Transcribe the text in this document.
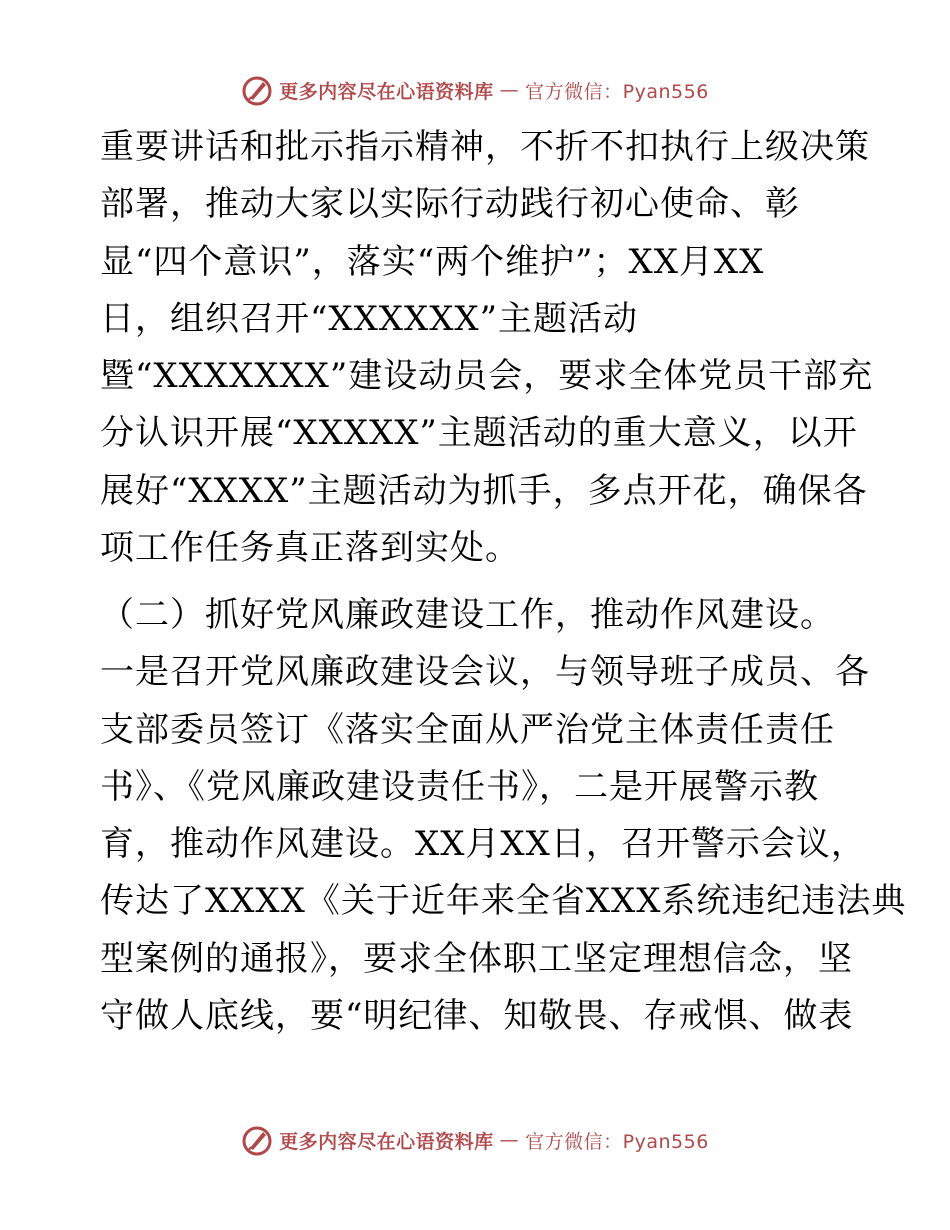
更多内容尽在心语资料库 — 官方微信：Pyan556
重要讲话和批示指示精神，不折不扣执行上级决策
部署，推动大家以实际行动践行初心使命、彰
显“四个意识”，落实“两个维护”；XX月XX
日，组织召开“XXXXXX”主题活动
暨“XXXXXXX”建设动员会，要求全体党员干部充
分认识开展“XXXXX”主题活动的重大意义，以开
展好“XXXX”主题活动为抓手，多点开花，确保各
项工作任务真正落到实处。
（二）抓好党风廉政建设工作，推动作风建设。
一是召开党风廉政建设会议，与领导班子成员、各
支部委员签订《落实全面从严治党主体责任责任
书》、《党风廉政建设责任书》，二是开展警示教
育，推动作风建设。XX月XX日，召开警示会议，
传达了XXXX《关于近年来全省XXX系统违纪违法典
型案例的通报》，要求全体职工坚定理想信念，坚
守做人底线，要“明纪律、知敬畏、存戒惧、做表
更多内容尽在心语资料库 — 官方微信：Pyan556
